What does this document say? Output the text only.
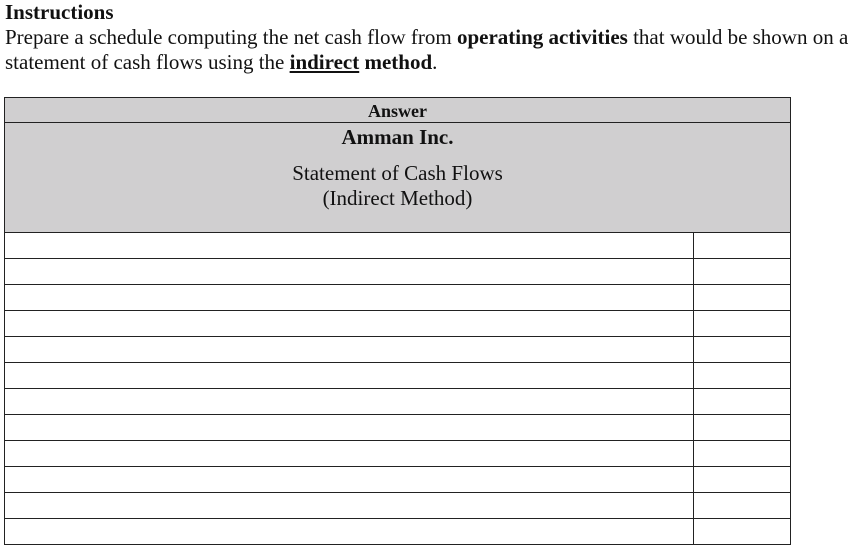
Instructions
Prepare a schedule computing the net cash flow from operating activities that would be shown on a statement of cash flows using the indirect method.
Answer
Amman Inc.
Statement of Cash Flows
(Indirect Method)
